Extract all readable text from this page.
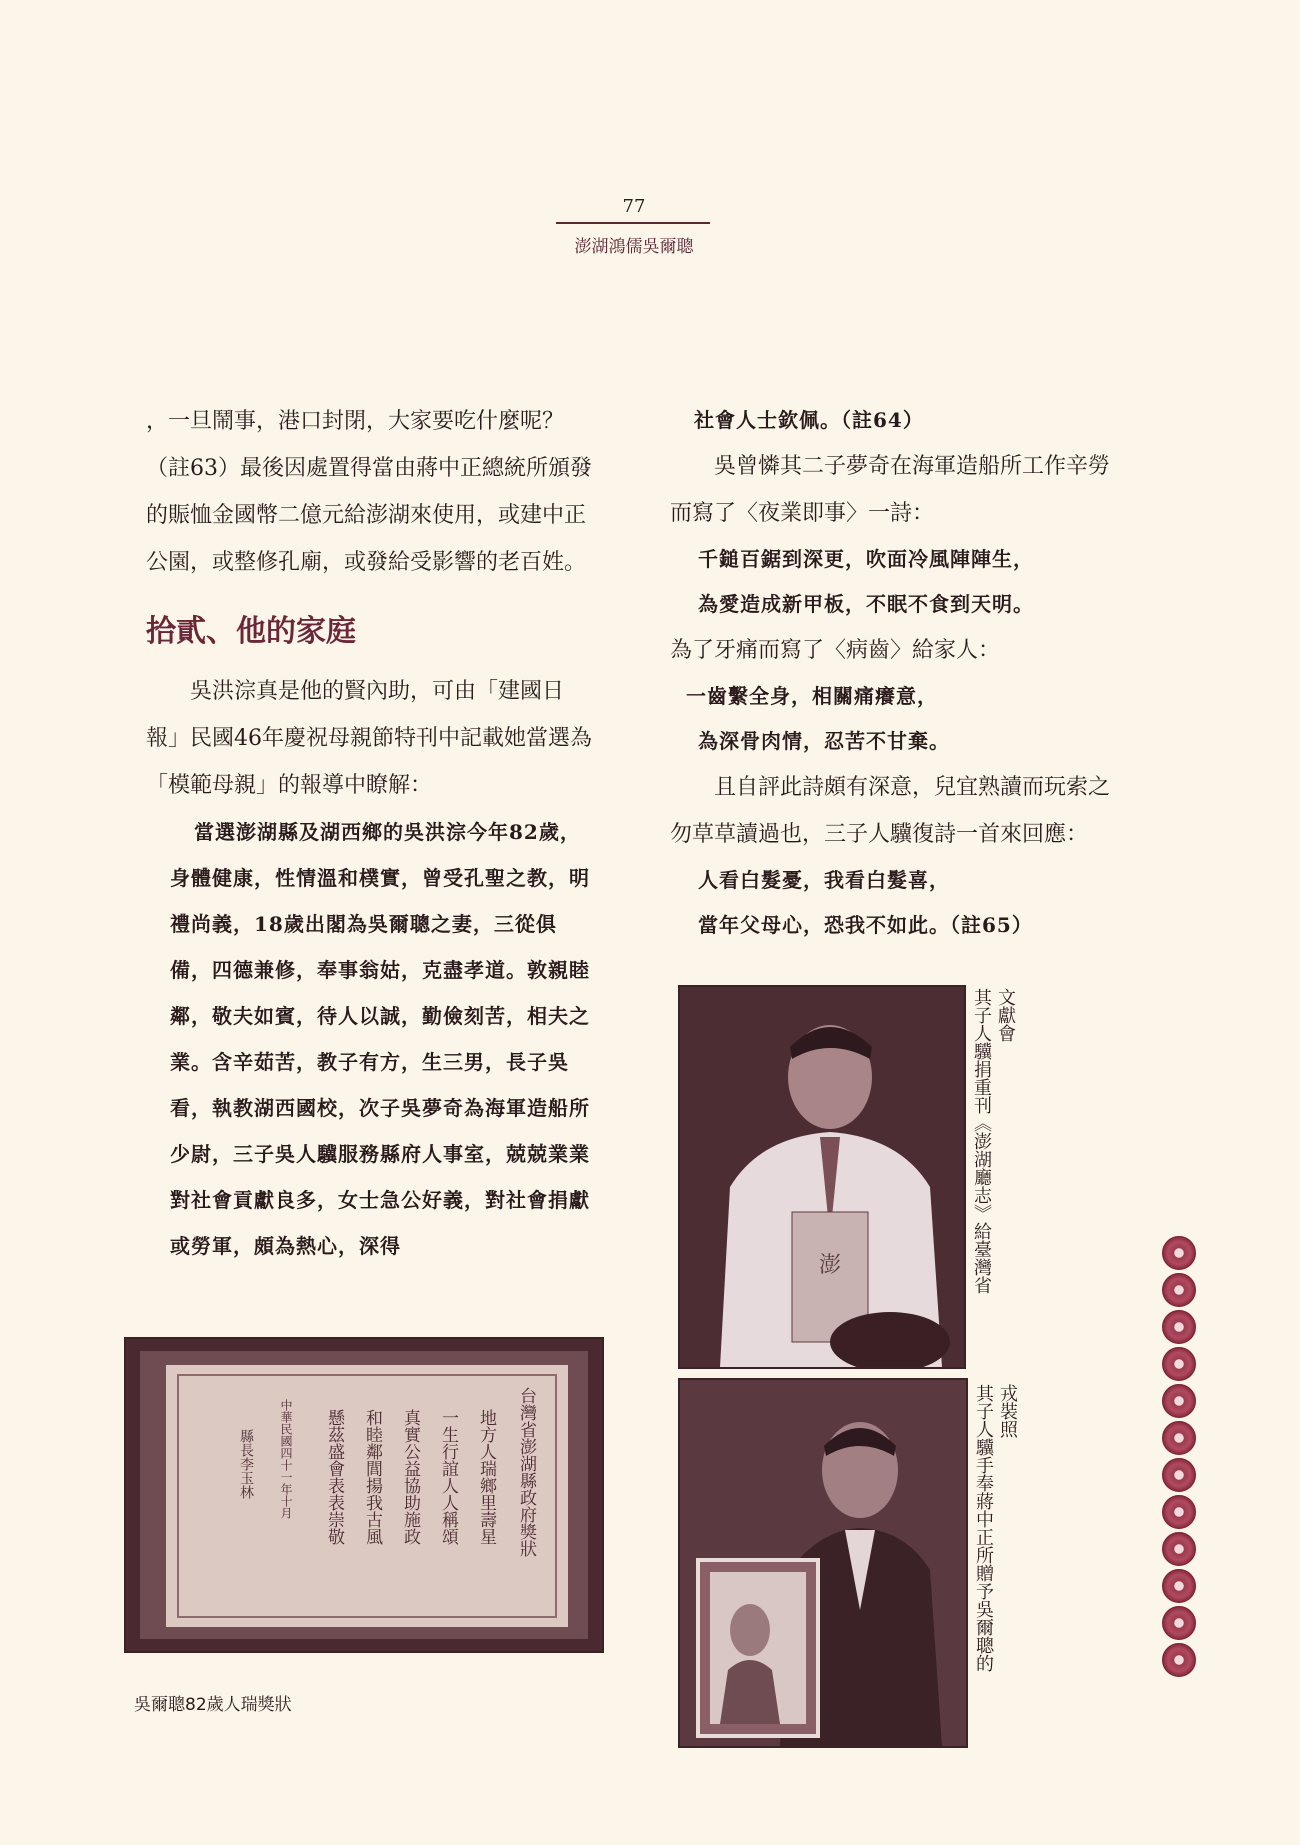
77
澎湖鴻儒吳爾聰

，一旦鬧事，港口封閉，大家要吃什麼呢？（註63）最後因處置得當由蔣中正總統所頒發的賑恤金國幣二億元給澎湖來使用，或建中正公園，或整修孔廟，或發給受影響的老百姓。

拾貳、他的家庭

吳洪淙真是他的賢內助，可由「建國日報」民國46年慶祝母親節特刊中記載她當選為「模範母親」的報導中瞭解：

當選澎湖縣及湖西鄉的吳洪淙今年82歲，身體健康，性情溫和樸實，曾受孔聖之教，明禮尚義，18歲出閣為吳爾聰之妻，三從俱備，四德兼修，奉事翁姑，克盡孝道。敦親睦鄰，敬夫如賓，待人以誠，勤儉刻苦，相夫之業。含辛茹苦，教子有方，生三男，長子吳看，執教湖西國校，次子吳夢奇為海軍造船所少尉，三子吳人驥服務縣府人事室，兢兢業業對社會貢獻良多，女士急公好義，對社會捐獻或勞軍，頗為熱心，深得

台灣省澎湖縣政府獎狀
地方人瑞鄉里壽星
一生行誼人人稱頌
真實公益協助施政
和睦鄰閭揚我古風
懸茲盛會表表崇敬
中華民國四十一年十月
縣長李玉林
吳爾聰82歲人瑞獎狀

社會人士欽佩。（註64）

吳曾憐其二子夢奇在海軍造船所工作辛勞而寫了〈夜業即事〉一詩：

千鎚百鋸到深更，吹面冷風陣陣生，

為愛造成新甲板，不眠不食到天明。

為了牙痛而寫了〈病齒〉給家人：

一齒繫全身，相關痛癢意，

為深骨肉情，忍苦不甘棄。

且自評此詩頗有深意，兒宜熟讀而玩索之勿草草讀過也，三子人驥復詩一首來回應：

人看白髮憂，我看白髮喜，

當年父母心，恐我不如此。（註65）

澎	其子人驥捐重刊《澎湖廳志》給臺灣省 文獻會
其子人驥手奉蔣中正所贈予吳爾聰的 戎裝照
